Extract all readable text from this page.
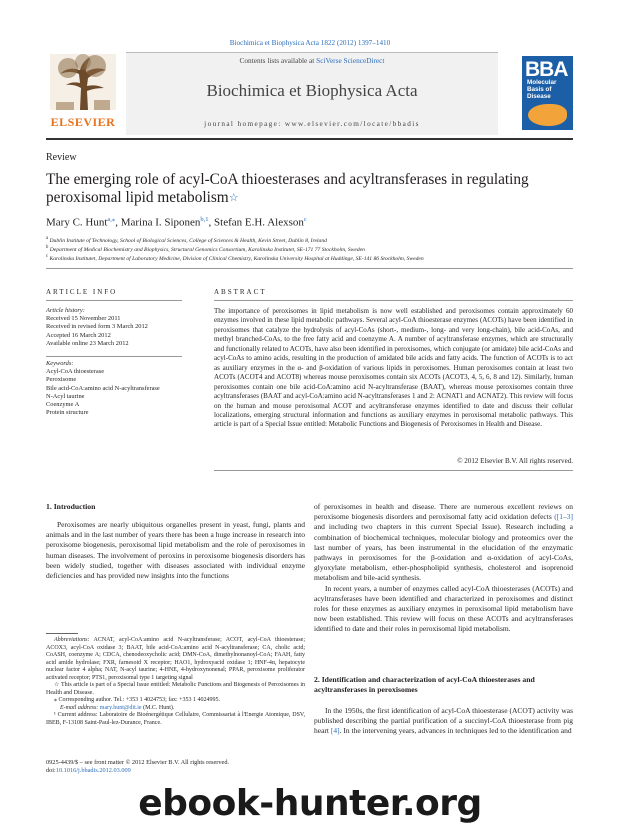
Biochimica et Biophysica Acta 1822 (2012) 1397–1410
ELSEVIER
Contents lists available at SciVerse ScienceDirect
Biochimica et Biophysica Acta
journal homepage: www.elsevier.com/locate/bbadis
BBA
Molecular
Basis of
Disease
Review
The emerging role of acyl-CoA thioesterases and acyltransferases in regulating peroxisomal lipid metabolism☆
Mary C. Hunt$^{a,⁎}$, Marina I. Siponen$^{b,1}$, Stefan E.H. Alexson$^c$
$^a$ Dublin Institute of Technology, School of Biological Sciences, College of Sciences & Health, Kevin Street, Dublin 8, Ireland
$^b$ Department of Medical Biochemistry and Biophysics, Structural Genomics Consortium, Karolinska Institutet, SE-171 77 Stockholm, Sweden
$^c$ Karolinska Institutet, Department of Laboratory Medicine, Division of Clinical Chemistry, Karolinska University Hospital at Huddinge, SE-141 86 Stockholm, Sweden
ARTICLE INFO	ABSTRACT
Article history:
Received 15 November 2011
Received in revised form 3 March 2012
Accepted 16 March 2012
Available online 23 March 2012
Keywords:
Acyl-CoA thioesterase
Peroxisome
Bile acid-CoA:amino acid N-acyltransferase
N-Acyl taurine
Coenzyme A
Protein structure
The importance of peroxisomes in lipid metabolism is now well established and peroxisomes contain approximately 60 enzymes involved in these lipid metabolic pathways. Several acyl-CoA thioesterase enzymes (ACOTs) have been identified in peroxisomes that catalyze the hydrolysis of acyl-CoAs (short-, medium-, long- and very long-chain), bile acid-CoAs, and methyl branched-CoAs, to the free fatty acid and coenzyme A. A number of acyltransferase enzymes, which are structurally and functionally related to ACOTs, have also been identified in peroxisomes, which conjugate (or amidate) bile acid-CoAs and acyl-CoAs to amino acids, resulting in the production of amidated bile acids and fatty acids. The function of ACOTs is to act as auxiliary enzymes in the α- and β-oxidation of various lipids in peroxisomes. Human peroxisomes contain at least two ACOTs (ACOT4 and ACOT8) whereas mouse peroxisomes contain six ACOTs (ACOT3, 4, 5, 6, 8 and 12). Similarly, human peroxisomes contain one bile acid-CoA:amino acid N-acyltransferase (BAAT), whereas mouse peroxisomes contain three acyltransferases (BAAT and acyl-CoA:amino acid N-acyltransferases 1 and 2: ACNAT1 and ACNAT2). This review will focus on the human and mouse peroxisomal ACOT and acyltransferase enzymes identified to date and discuss their cellular localizations, emerging structural information and functions as auxiliary enzymes in peroxisomal metabolic pathways. This article is part of a Special Issue entitled: Metabolic Functions and Biogenesis of Peroxisomes in Health and Disease.
© 2012 Elsevier B.V. All rights reserved.
1. Introduction

Peroxisomes are nearly ubiquitous organelles present in yeast, fungi, plants and animals and in the last number of years there has been a huge increase in research into peroxisome biogenesis, peroxisomal lipid metabolism and the role of peroxisomes in human diseases. The involvement of peroxins in peroxisome biogenesis disorders has been widely studied, together with diseases associated with individual enzyme deficiencies and has provided new insights into the functions

of peroxisomes in health and disease. There are numerous excellent reviews on peroxisome biogenesis disorders and peroxisomal fatty acid oxidation defects ([1–3] and including two chapters in this current Special Issue). Research including a combination of biochemical techniques, molecular biology and proteomics over the last number of years, has been instrumental in the elucidation of the enzymatic pathways in peroxisomes for the β-oxidation and α-oxidation of acyl-CoAs, glyoxylate metabolism, ether-phospholipid synthesis, cholesterol and isoprenoid metabolism and bile-acid synthesis.

In recent years, a number of enzymes called acyl-CoA thioesterases (ACOTs) and acyltransferases have been identified and characterized in peroxisomes and distinct roles for these enzymes as auxiliary enzymes in peroxisomal lipid metabolism have now been established. This review will focus on these ACOTs and acyltransferases identified to date and their roles in peroxisomal lipid metabolism.

2. Identification and characterization of acyl-CoA thioesterases and acyltransferases in peroxisomes

In the 1950s, the first identification of acyl-CoA thioesterase (ACOT) activity was published describing the partial purification of a succinyl-CoA thioesterase from pig heart [4]. In the intervening years, advances in techniques led to the identification and

Abbreviations: ACNAT, acyl-CoA:amino acid N-acyltransferase; ACOT, acyl-CoA thioesterase; ACOX3, acyl-CoA oxidase 3; BAAT, bile acid-CoA:amino acid N-acyltransferase; CA, cholic acid; CoASH, coenzyme A; CDCA, chenodeoxycholic acid; DMN-CoA, dimethylnonanoyl-CoA; FAAH, fatty acid amide hydrolase; FXR, farnesoid X receptor; HAO1, hydroxyacid oxidase 1; HNF-4α, hepatocyte nuclear factor 4 alpha; NAT, N-acyl taurine; 4-HNE, 4-hydroxynonenal; PPAR, peroxisome proliferator activated receptor; PTS1, peroxisomal type 1 targeting signal

☆ This article is part of a Special Issue entitled: Metabolic Functions and Biogenesis of Peroxisomes in Health and Disease.

⁎ Corresponding author. Tel.: +353 1 4024753; fax: +353 1 4024995.

E-mail address: mary.hunt@dit.ie (M.C. Hunt).

¹ Current address: Laboratoire de Bioénergétique Cellulaire, Commissariat à l'Energie Atomique, DSV, IBEB, F-13108 Saint-Paul-lez-Durance, France.

0925-4439/$ – see front matter © 2012 Elsevier B.V. All rights reserved.
doi:10.1016/j.bbadis.2012.03.009
ebook-hunter.org
